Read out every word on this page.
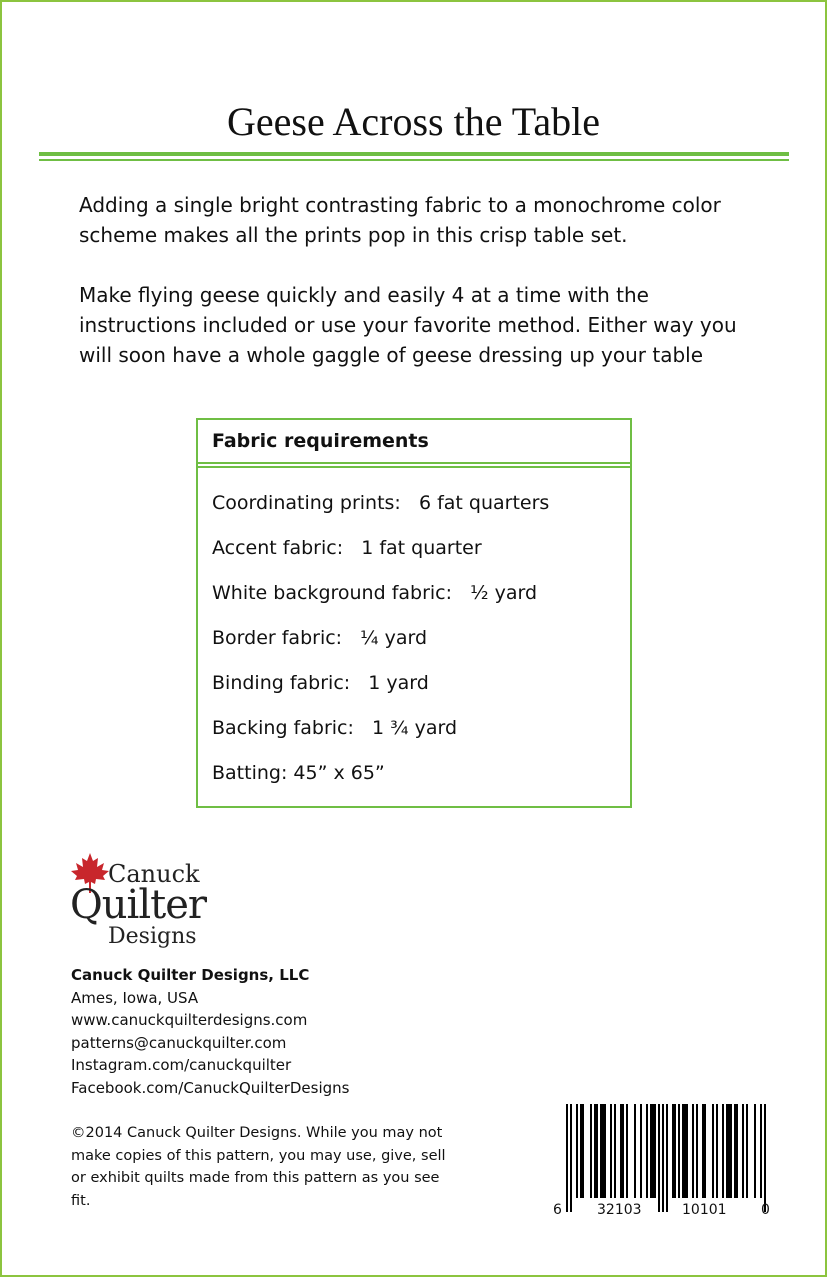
Geese Across the Table

Adding a single bright contrasting fabric to a monochrome color scheme makes all the prints pop in this crisp table set.

Make flying geese quickly and easily 4 at a time with the instructions included or use your favorite method. Either way you will soon have a whole gaggle of geese dressing up your table

Fabric requirements
Coordinating prints:   6 fat quarters
Accent fabric:   1 fat quarter
White background fabric:   ½ yard
Border fabric:   ¼ yard
Binding fabric:   1 yard
Backing fabric:   1 ¾ yard
Batting: 45” x 65”
Canuck
Quilter
Designs
Canuck Quilter Designs, LLC
Ames, Iowa, USA
www.canuckquilterdesigns.com
patterns@canuckquilter.com
Instagram.com/canuckquilter
Facebook.com/CanuckQuilterDesigns
©2014 Canuck Quilter Designs. While you may not make copies of this pattern, you may use, give, sell or exhibit quilts made from this pattern as you see fit.
6	32103	10101 0
